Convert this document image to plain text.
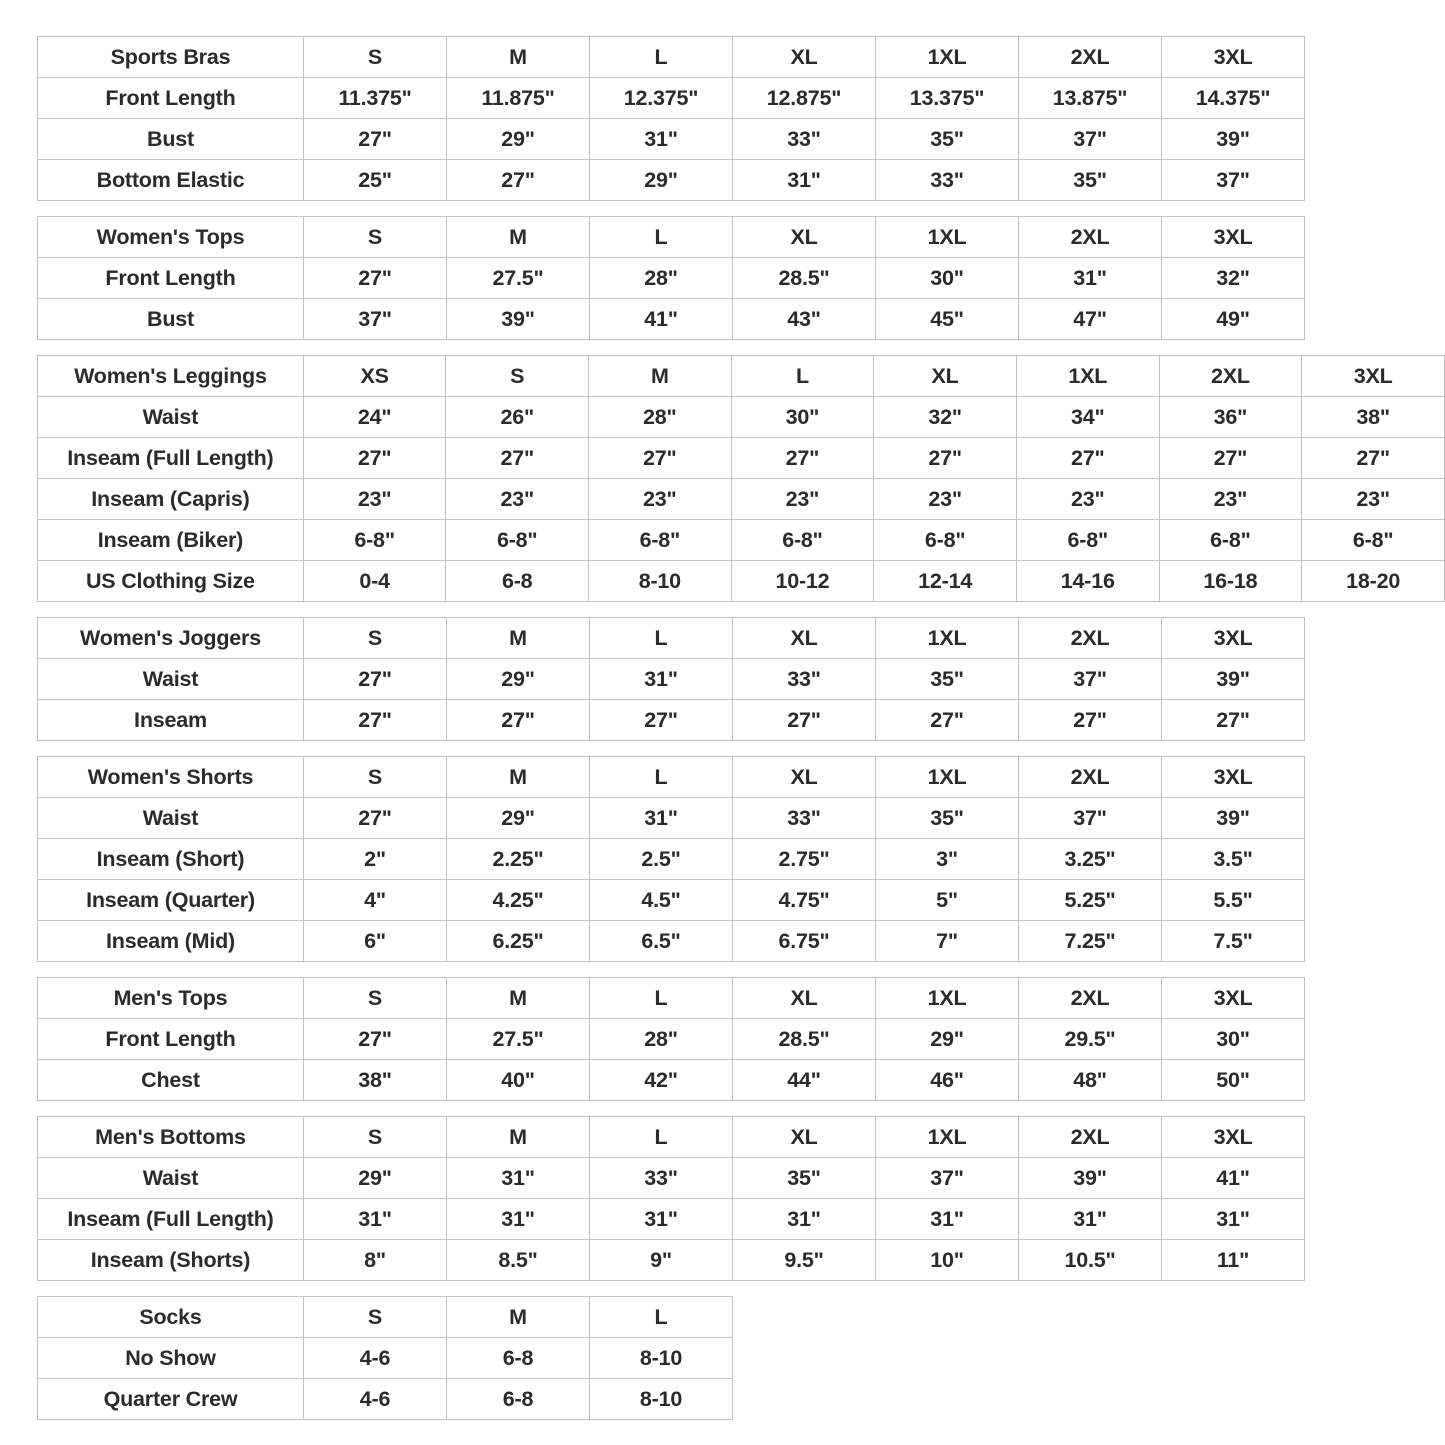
Sports Bras	S	M	L	XL	1XL	2XL	3XL
Front Length	11.375"	11.875"	12.375"	12.875"	13.375"	13.875"	14.375"
Bust	27"	29"	31"	33"	35"	37"	39"
Bottom Elastic	25"	27"	29"	31"	33"	35"	37"
Women's Tops	S	M	L	XL	1XL	2XL	3XL
Front Length	27"	27.5"	28"	28.5"	30"	31"	32"
Bust	37"	39"	41"	43"	45"	47"	49"
Women's Leggings	XS	S	M	L	XL	1XL	2XL	3XL
Waist	24"	26"	28"	30"	32"	34"	36"	38"
Inseam (Full Length)	27"	27"	27"	27"	27"	27"	27"	27"
Inseam (Capris)	23"	23"	23"	23"	23"	23"	23"	23"
Inseam (Biker)	6-8"	6-8"	6-8"	6-8"	6-8"	6-8"	6-8"	6-8"
US Clothing Size	0-4	6-8	8-10	10-12	12-14	14-16	16-18	18-20
Women's Joggers	S	M	L	XL	1XL	2XL	3XL
Waist	27"	29"	31"	33"	35"	37"	39"
Inseam	27"	27"	27"	27"	27"	27"	27"
Women's Shorts	S	M	L	XL	1XL	2XL	3XL
Waist	27"	29"	31"	33"	35"	37"	39"
Inseam (Short)	2"	2.25"	2.5"	2.75"	3"	3.25"	3.5"
Inseam (Quarter)	4"	4.25"	4.5"	4.75"	5"	5.25"	5.5"
Inseam (Mid)	6"	6.25"	6.5"	6.75"	7"	7.25"	7.5"
Men's Tops	S	M	L	XL	1XL	2XL	3XL
Front Length	27"	27.5"	28"	28.5"	29"	29.5"	30"
Chest	38"	40"	42"	44"	46"	48"	50"
Men's Bottoms	S	M	L	XL	1XL	2XL	3XL
Waist	29"	31"	33"	35"	37"	39"	41"
Inseam (Full Length)	31"	31"	31"	31"	31"	31"	31"
Inseam (Shorts)	8"	8.5"	9"	9.5"	10"	10.5"	11"
Socks	S	M	L
No Show	4-6	6-8	8-10
Quarter Crew	4-6	6-8	8-10
